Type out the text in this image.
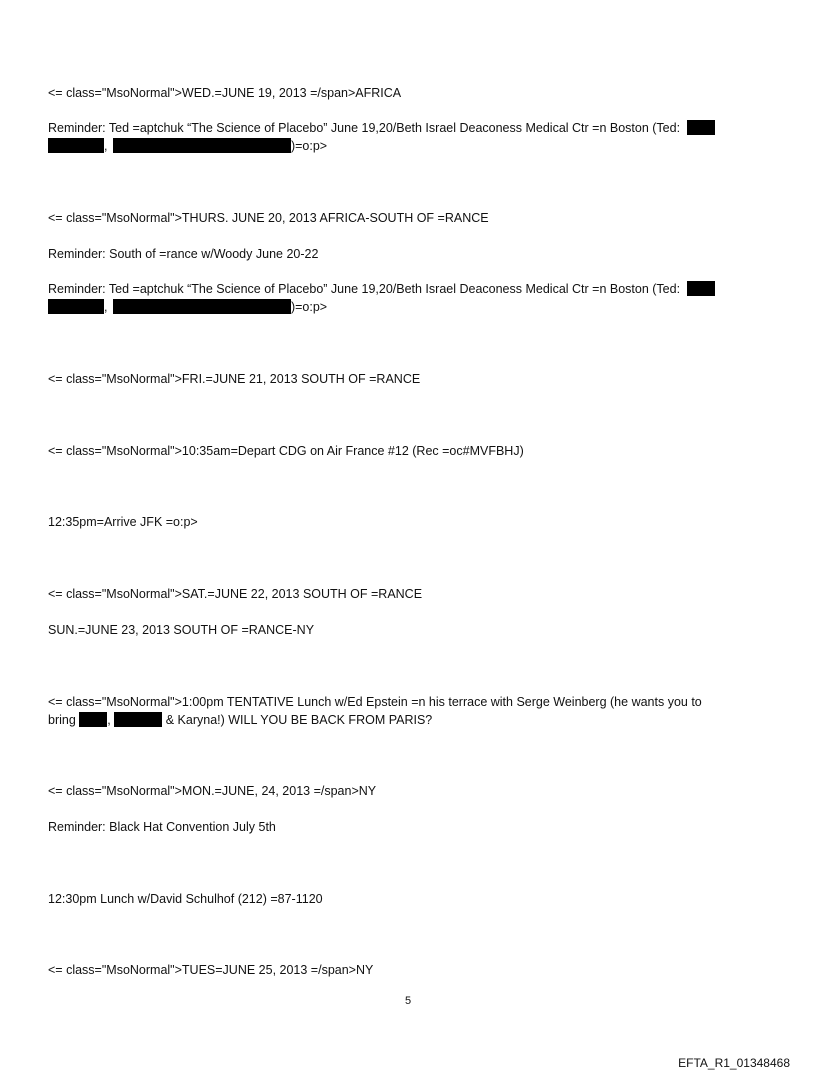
<= class="MsoNormal">WED.=JUNE 19, 2013 =/span>AFRICA
Reminder: Ted =aptchuk “The Science of Placebo” June 19,20/Beth Israel Deaconess Medical Ctr =n Boston (Ted:
,	)=o:p>
<= class="MsoNormal">THURS. JUNE 20, 2013 AFRICA-SOUTH OF =RANCE
Reminder: South of =rance w/Woody June 20-22
Reminder: Ted =aptchuk “The Science of Placebo” June 19,20/Beth Israel Deaconess Medical Ctr =n Boston (Ted:
,	)=o:p>
<= class="MsoNormal">FRI.=JUNE 21, 2013 SOUTH OF =RANCE
<= class="MsoNormal">10:35am=Depart CDG on Air France #12 (Rec =oc#MVFBHJ)
12:35pm=Arrive JFK =o:p>
<= class="MsoNormal">SAT.=JUNE 22, 2013 SOUTH OF =RANCE
SUN.=JUNE 23, 2013 SOUTH OF =RANCE-NY
<= class="MsoNormal">1:00pm TENTATIVE Lunch w/Ed Epstein =n his terrace with Serge Weinberg (he wants you to
bring	,	& Karyna!) WILL YOU BE BACK FROM PARIS?
<= class="MsoNormal">MON.=JUNE, 24, 2013 =/span>NY
Reminder: Black Hat Convention July 5th
12:30pm Lunch w/David Schulhof (212) =87-1120
<= class="MsoNormal">TUES=JUNE 25, 2013 =/span>NY
5
EFTA_R1_01348468
